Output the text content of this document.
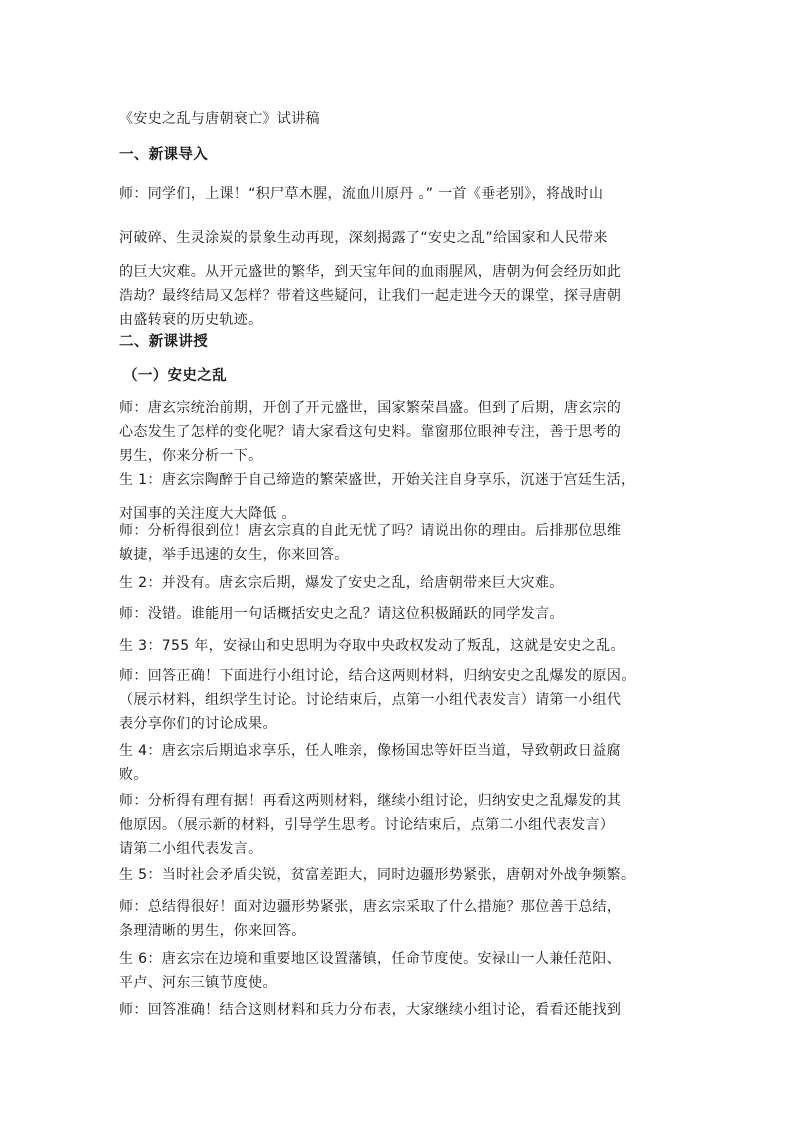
《安史之乱与唐朝衰亡》试讲稿
一、新课导入
师：同学们，上课！“积尸草木腥，流血川原丹 。” 一首《垂老别》，将战时山
河破碎、生灵涂炭的景象生动再现，深刻揭露了“安史之乱”给国家和人民带来
的巨大灾难。从开元盛世的繁华，到天宝年间的血雨腥风，唐朝为何会经历如此
浩劫？最终结局又怎样？带着这些疑问，让我们一起走进今天的课堂，探寻唐朝
由盛转衰的历史轨迹。
二、新课讲授
（一）安史之乱
师：唐玄宗统治前期，开创了开元盛世，国家繁荣昌盛。但到了后期，唐玄宗的
心态发生了怎样的变化呢？请大家看这句史料。靠窗那位眼神专注，善于思考的
男生，你来分析一下。
生 1：唐玄宗陶醉于自己缔造的繁荣盛世，开始关注自身享乐，沉迷于宫廷生活，
对国事的关注度大大降低 。
师：分析得很到位！唐玄宗真的自此无忧了吗？请说出你的理由。后排那位思维
敏捷，举手迅速的女生，你来回答。
生 2：并没有。唐玄宗后期，爆发了安史之乱，给唐朝带来巨大灾难。
师：没错。谁能用一句话概括安史之乱？请这位积极踊跃的同学发言。
生 3：755 年，安禄山和史思明为夺取中央政权发动了叛乱，这就是安史之乱。
师：回答正确！下面进行小组讨论，结合这两则材料，归纳安史之乱爆发的原因。
（展示材料，组织学生讨论。讨论结束后，点第一小组代表发言）请第一小组代
表分享你们的讨论成果。
生 4：唐玄宗后期追求享乐，任人唯亲，像杨国忠等奸臣当道，导致朝政日益腐
败。
师：分析得有理有据！再看这两则材料，继续小组讨论，归纳安史之乱爆发的其
他原因。（展示新的材料，引导学生思考。讨论结束后，点第二小组代表发言）
请第二小组代表发言。
生 5：当时社会矛盾尖锐，贫富差距大，同时边疆形势紧张，唐朝对外战争频繁。
师：总结得很好！面对边疆形势紧张，唐玄宗采取了什么措施？那位善于总结，
条理清晰的男生，你来回答。
生 6：唐玄宗在边境和重要地区设置藩镇，任命节度使。安禄山一人兼任范阳、
平卢、河东三镇节度使。
师：回答准确！结合这则材料和兵力分布表，大家继续小组讨论，看看还能找到
